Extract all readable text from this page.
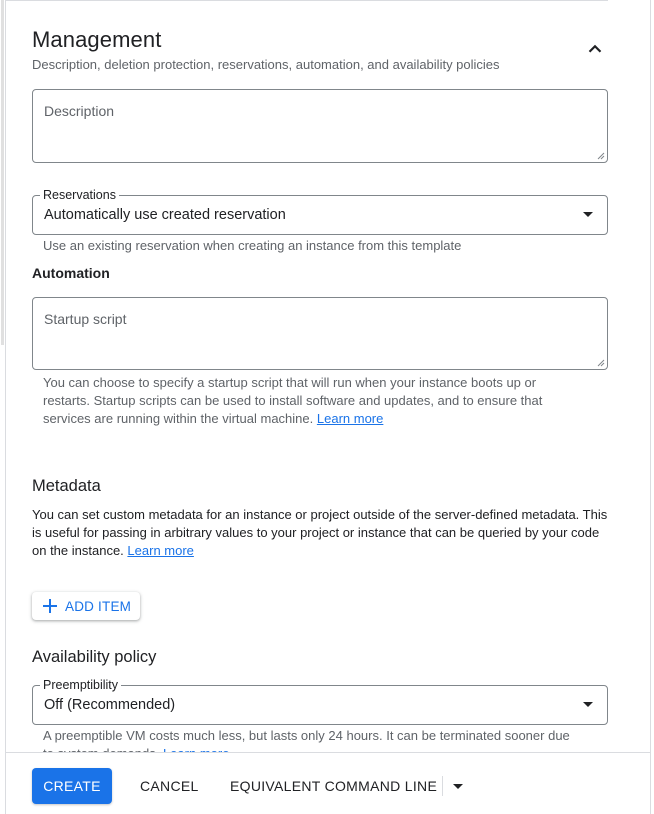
Management
Description, deletion protection, reservations, automation, and availability policies
Description
Reservations
Automatically use created reservation
Use an existing reservation when creating an instance from this template
Automation
Startup script
You can choose to specify a startup script that will run when your instance boots up or restarts. Startup scripts can be used to install software and updates, and to ensure that services are running within the virtual machine. Learn more
Metadata
You can set custom metadata for an instance or project outside of the server-defined metadata. This is useful for passing in arbitrary values to your project or instance that can be queried by your code on the instance. Learn more
ADD ITEM
Availability policy
Preemptibility
Off (Recommended)
A preemptible VM costs much less, but lasts only 24 hours. It can be terminated sooner due
CREATE	CANCEL	EQUIVALENT COMMAND LINE
